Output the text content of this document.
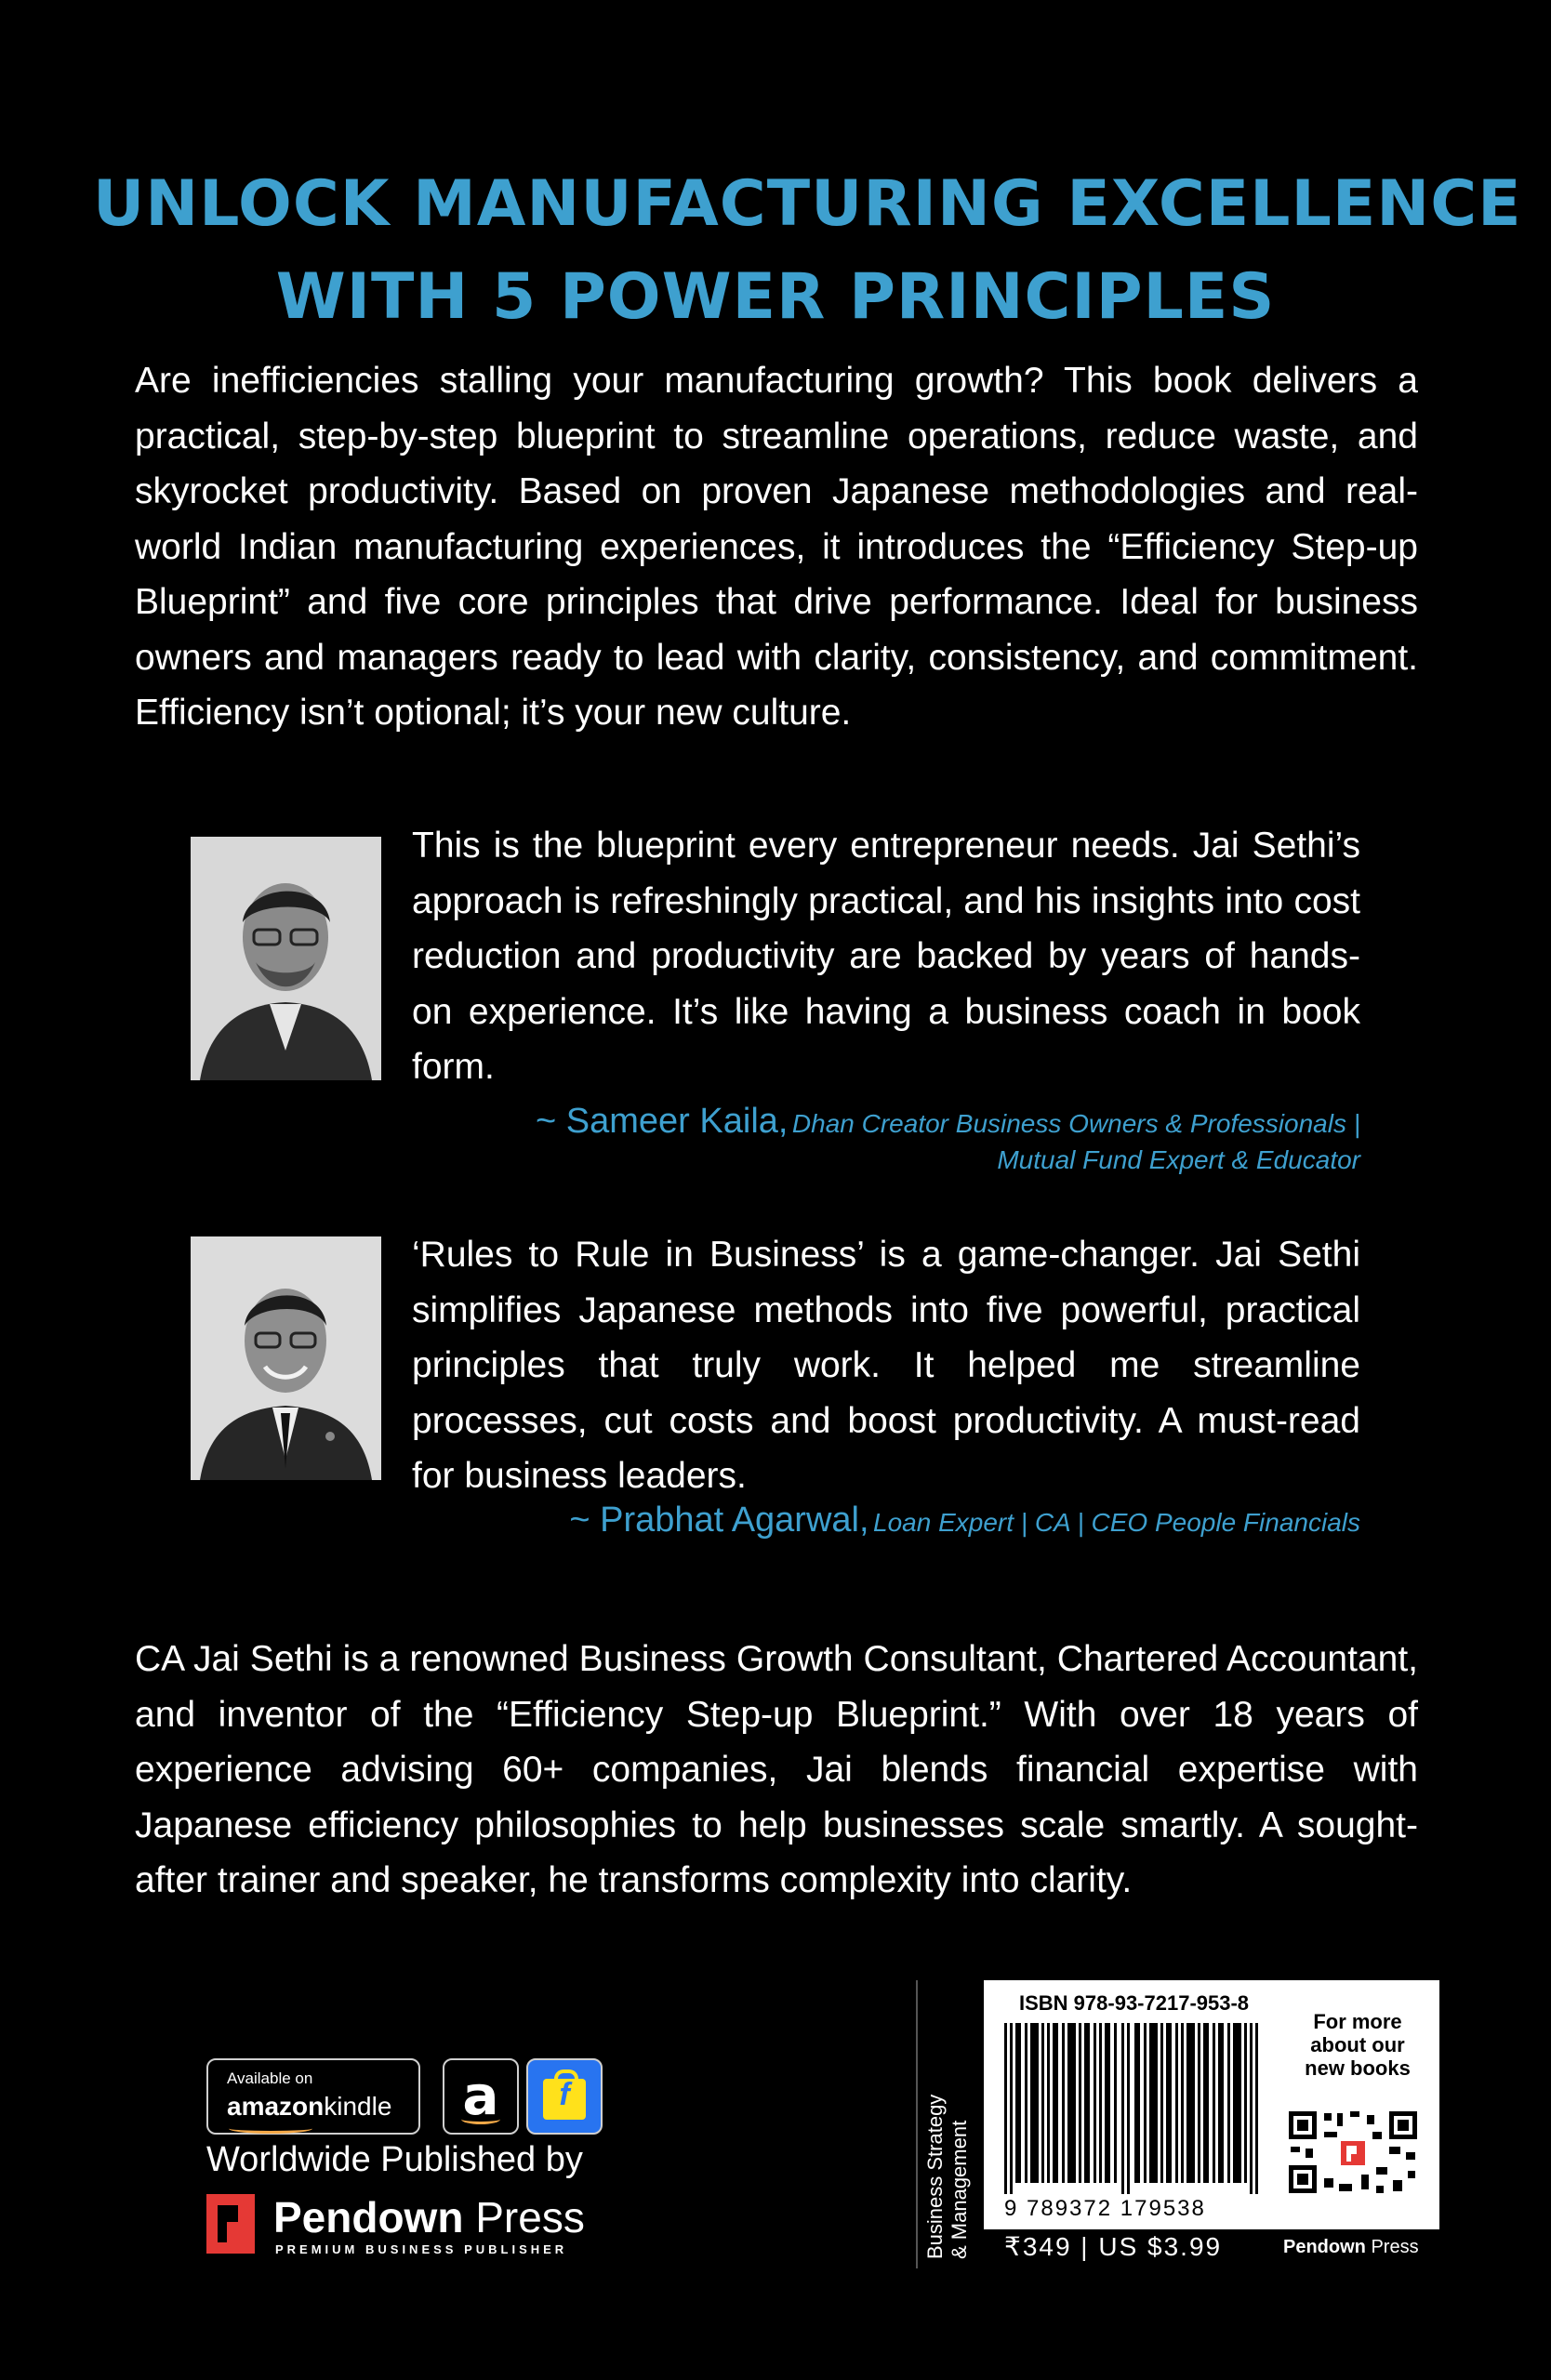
UNLOCK MANUFACTURING EXCELLENCE
WITH 5 POWER PRINCIPLES
Are inefficiencies stalling your manufacturing growth? This book delivers a practical, step-by-step blueprint to streamline operations, reduce waste, and skyrocket productivity. Based on proven Japanese methodologies and real-world Indian manufacturing experiences, it introduces the “Efficiency Step-up Blueprint” and five core principles that drive performance. Ideal for business owners and managers ready to lead with clarity, consistency, and commitment. Efficiency isn’t optional; it’s your new culture.
This is the blueprint every entrepreneur needs. Jai Sethi’s approach is refreshingly practical, and his insights into cost reduction and productivity are backed by years of hands-on experience. It’s like having a business coach in book form.
~ Sameer Kaila, Dhan Creator Business Owners & Professionals |
Mutual Fund Expert & Educator
‘Rules to Rule in Business’ is a game-changer. Jai Sethi simplifies Japanese methods into five powerful, practical principles that truly work. It helped me streamline processes, cut costs and boost productivity. A must-read for business leaders.
~ Prabhat Agarwal, Loan Expert | CA | CEO People Financials
CA Jai Sethi is a renowned Business Growth Consultant, Chartered Accountant, and inventor of the “Efficiency Step-up Blueprint.” With over 18 years of experience advising 60+ companies, Jai blends financial expertise with Japanese efficiency philosophies to help businesses scale smartly. A sought-after trainer and speaker, he transforms complexity into clarity.
Available on
amazonkindle	a	f
Worldwide Published by
Pendown Press
PREMIUM BUSINESS PUBLISHER	Business Strategy & Management
ISBN 978-93-7217-953-8
9 789372 179538
For more
about our
new books
₹349 | US $3.99	Pendown Press
